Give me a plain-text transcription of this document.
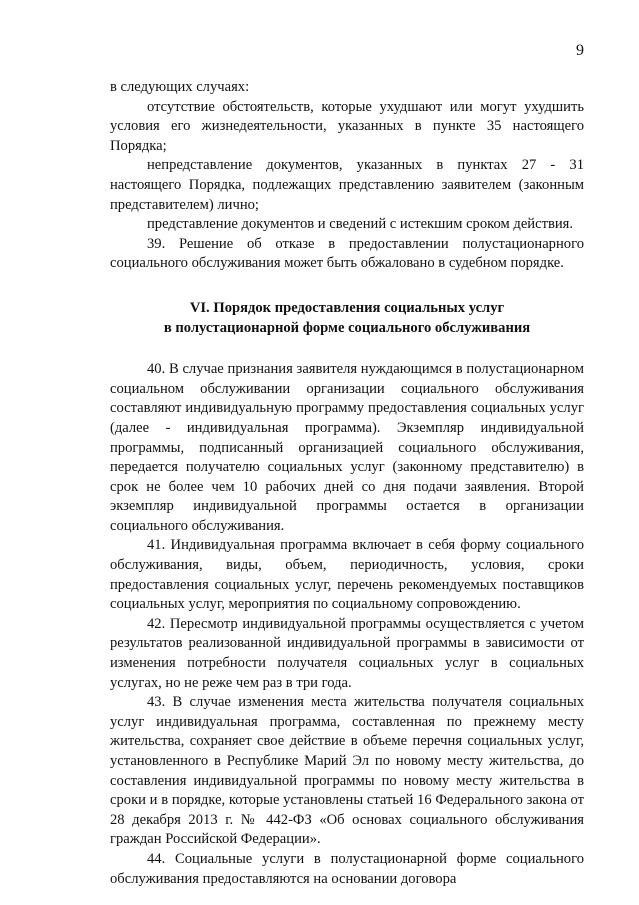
9

в следующих случаях:

отсутствие обстоятельств, которые ухудшают или могут ухудшить условия его жизнедеятельности, указанных в пункте 35 настоящего Порядка;

непредставление документов, указанных в пунктах 27 - 31 настоящего Порядка, подлежащих представлению заявителем (законным представителем) лично;

представление документов и сведений с истекшим сроком действия.

39. Решение об отказе в предоставлении полустационарного социального обслуживания может быть обжаловано в судебном порядке.

VI. Порядок предоставления социальных услуг
в полустационарной форме социального обслуживания

40. В случае признания заявителя нуждающимся в полустационарном социальном обслуживании организации социального обслуживания составляют индивидуальную программу предоставления социальных услуг (далее - индивидуальная программа). Экземпляр индивидуальной программы, подписанный организацией социального обслуживания, передается получателю социальных услуг (законному представителю) в срок не более чем 10 рабочих дней со дня подачи заявления. Второй экземпляр индивидуальной программы остается в организации социального обслуживания.

41. Индивидуальная программа включает в себя форму социального обслуживания, виды, объем, периодичность, условия, сроки предоставления социальных услуг, перечень рекомендуемых поставщиков социальных услуг, мероприятия по социальному сопровождению.

42. Пересмотр индивидуальной программы осуществляется с учетом результатов реализованной индивидуальной программы в зависимости от изменения потребности получателя социальных услуг в социальных услугах, но не реже чем раз в три года.

43. В случае изменения места жительства получателя социальных услуг индивидуальная программа, составленная по прежнему месту жительства, сохраняет свое действие в объеме перечня социальных услуг, установленного в Республике Марий Эл по новому месту жительства, до составления индивидуальной программы по новому месту жительства в сроки и в порядке, которые установлены статьей 16 Федерального закона от 28 декабря 2013 г. № 442-ФЗ «Об основах социального обслуживания граждан Российской Федерации».

44. Социальные услуги в полустационарной форме социального обслуживания предоставляются на основании договора
